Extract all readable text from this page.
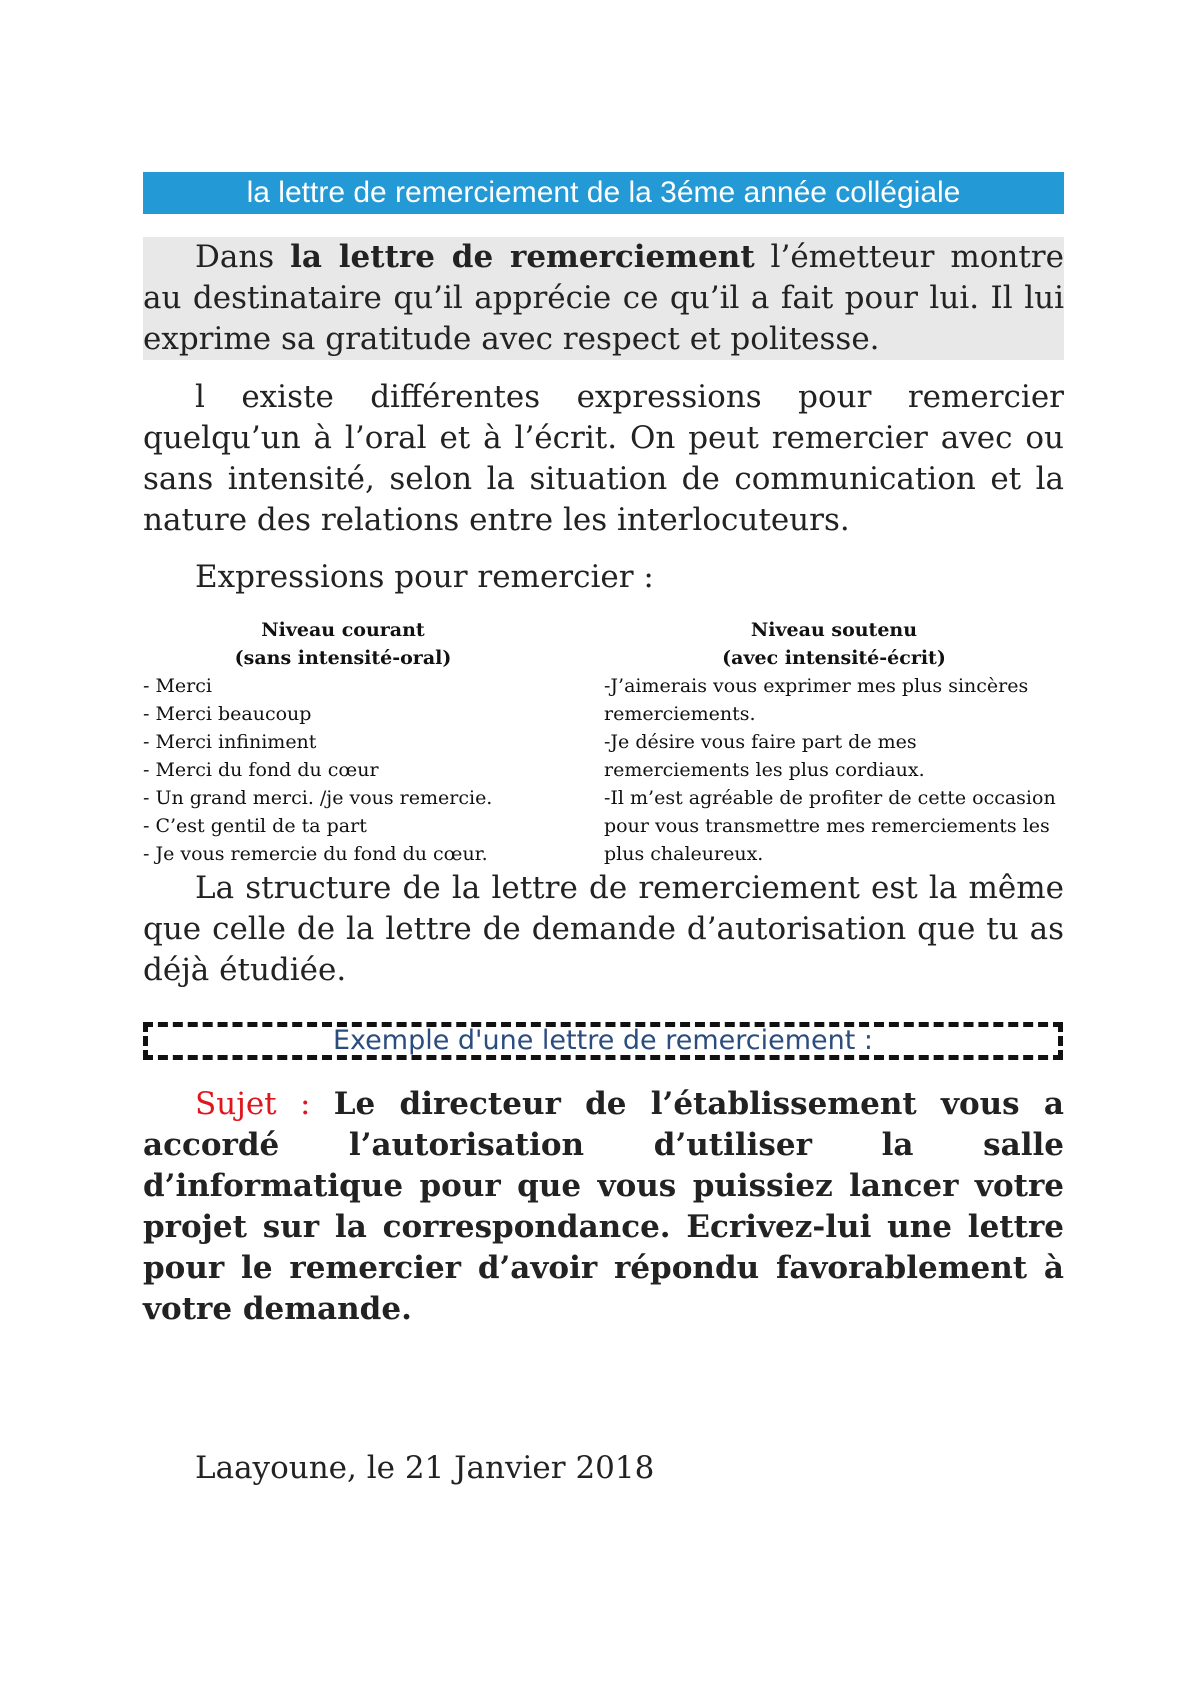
la lettre de remerciement de la 3éme année collégiale

Dans la lettre de remerciement l’émetteur montre au destinataire qu’il apprécie ce qu’il a fait pour lui. Il lui exprime sa gratitude avec respect et politesse.

l existe différentes expressions pour remercier quelqu’un à l’oral et à l’écrit. On peut remercier avec ou sans intensité, selon la situation de communication et la nature des relations entre les interlocuteurs.

Expressions pour remercier :

Niveau courant

(sans intensité-oral)

- Merci
- Merci beaucoup
- Merci infiniment
- Merci du fond du cœur
- Un grand merci. /je vous remercie.
- C’est gentil de ta part
- Je vous remercie du fond du cœur.

Niveau soutenu

(avec intensité-écrit)

-J’aimerais vous exprimer mes plus sincères remerciements.
-Je désire vous faire part de mes remerciements les plus cordiaux.
-Il m’est agréable de profiter de cette occasion pour vous transmettre mes remerciements les plus chaleureux.

La structure de la lettre de remerciement est la même que celle de la lettre de demande d’autorisation que tu as déjà étudiée.

Exemple d'une lettre de remerciement :

Sujet : Le directeur de l’établissement vous a accordé l’autorisation d’utiliser la salle d’informatique pour que vous puissiez lancer votre projet sur la correspondance. Ecrivez-lui une lettre pour le remercier d’avoir répondu favorablement à votre demande.

Laayoune, le 21 Janvier 2018
